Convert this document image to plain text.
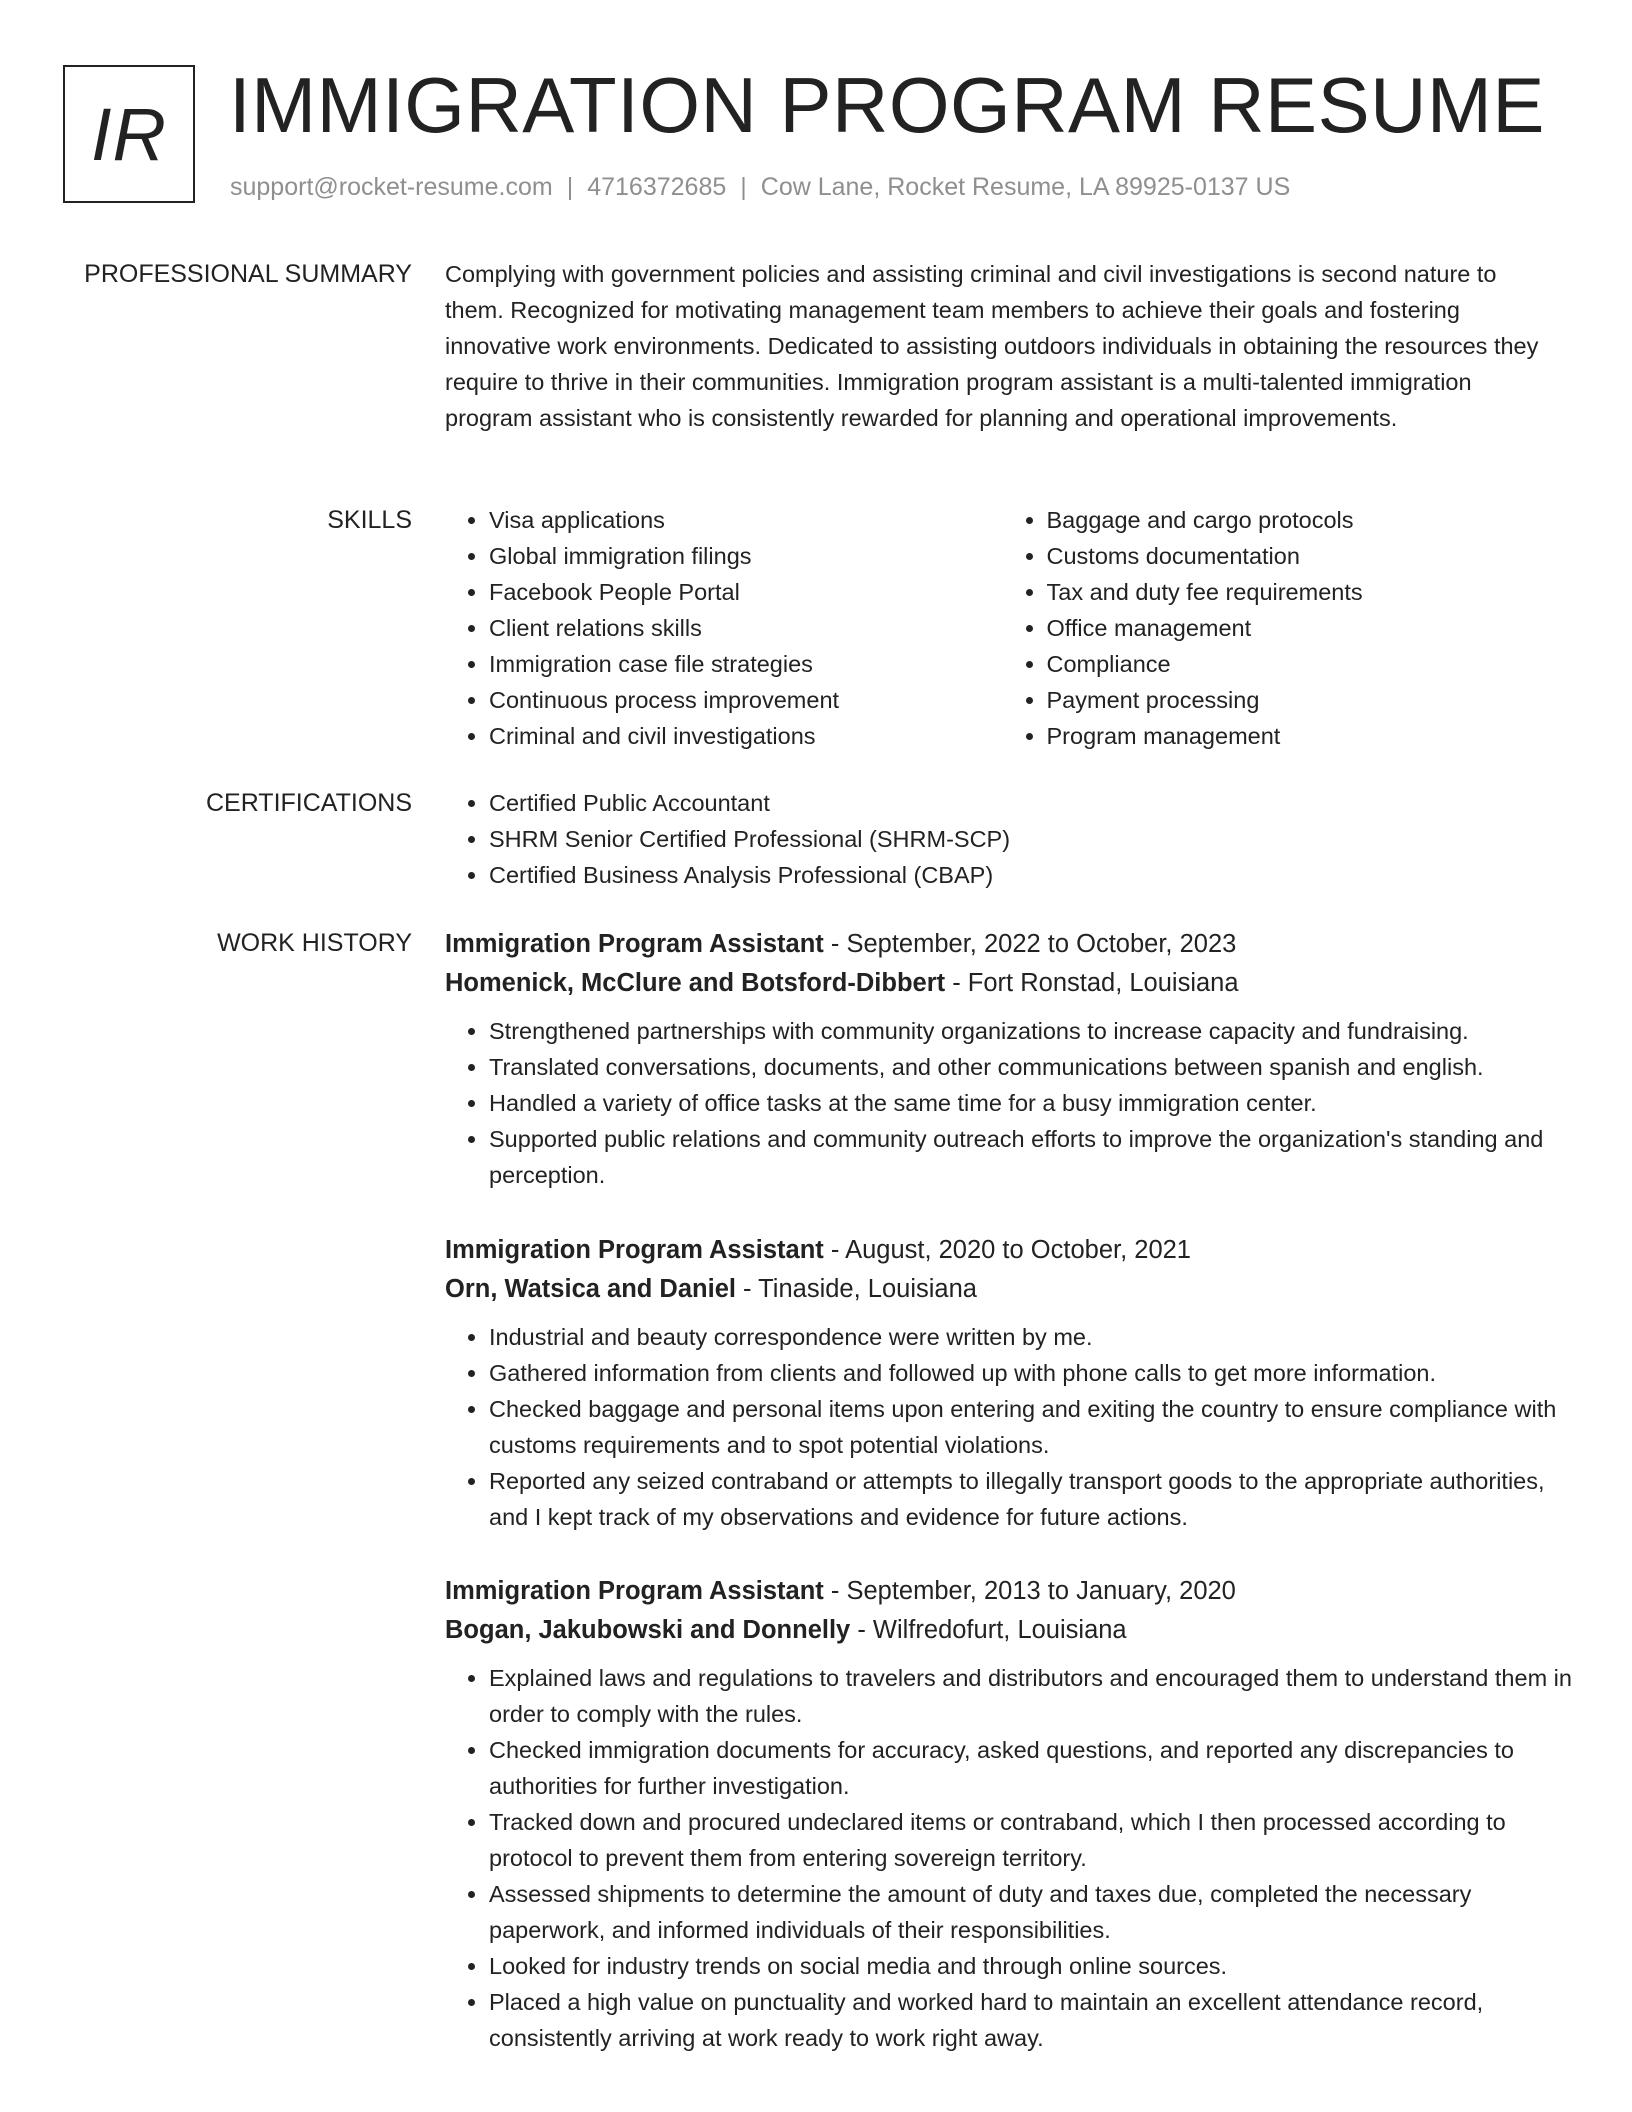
IR IMMIGRATION PROGRAM RESUME
support@rocket-resume.com | 4716372685 | Cow Lane, Rocket Resume, LA 89925-0137 US
PROFESSIONAL SUMMARY Complying with government policies and assisting criminal and civil investigations is second nature to them. Recognized for motivating management team members to achieve their goals and fostering innovative work environments. Dedicated to assisting outdoors individuals in obtaining the resources they require to thrive in their communities. Immigration program assistant is a multi-talented immigration program assistant who is consistently rewarded for planning and operational improvements.

SKILLS	• Visa applications
• Global immigration filings
• Facebook People Portal
• Client relations skills
• Immigration case file strategies
• Continuous process improvement
• Criminal and civil investigations
• Baggage and cargo protocols
• Customs documentation
• Tax and duty fee requirements
• Office management
• Compliance
• Payment processing
• Program management
CERTIFICATIONS	• Certified Public Accountant
• SHRM Senior Certified Professional (SHRM-SCP)
• Certified Business Analysis Professional (CBAP)
WORK HISTORY Immigration Program Assistant - September, 2022 to October, 2023
Homenick, McClure and Botsford-Dibbert - Fort Ronstad, Louisiana
• Strengthened partnerships with community organizations to increase capacity and fundraising.
• Translated conversations, documents, and other communications between spanish and english.
• Handled a variety of office tasks at the same time for a busy immigration center.
• Supported public relations and community outreach efforts to improve the organization's standing and perception.
Immigration Program Assistant - August, 2020 to October, 2021
Orn, Watsica and Daniel - Tinaside, Louisiana
• Industrial and beauty correspondence were written by me.
• Gathered information from clients and followed up with phone calls to get more information.
• Checked baggage and personal items upon entering and exiting the country to ensure compliance with customs requirements and to spot potential violations.
• Reported any seized contraband or attempts to illegally transport goods to the appropriate authorities, and I kept track of my observations and evidence for future actions.
Immigration Program Assistant - September, 2013 to January, 2020
Bogan, Jakubowski and Donnelly - Wilfredofurt, Louisiana
• Explained laws and regulations to travelers and distributors and encouraged them to understand them in order to comply with the rules.
• Checked immigration documents for accuracy, asked questions, and reported any discrepancies to authorities for further investigation.
• Tracked down and procured undeclared items or contraband, which I then processed according to protocol to prevent them from entering sovereign territory.
• Assessed shipments to determine the amount of duty and taxes due, completed the necessary paperwork, and informed individuals of their responsibilities.
• Looked for industry trends on social media and through online sources.
• Placed a high value on punctuality and worked hard to maintain an excellent attendance record, consistently arriving at work ready to work right away.
